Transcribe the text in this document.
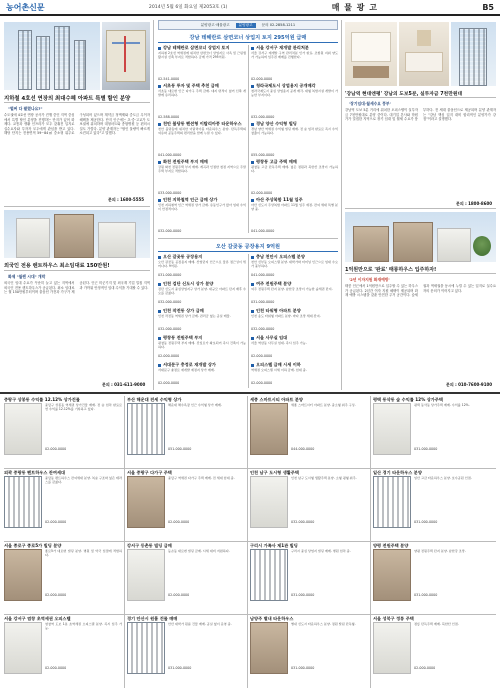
농어촌신문	2014년 5월 6일 화요일 제2053호 (1)	매 물 광 고	B5
지하철 4호선 연장의 최대수혜 아파트 특별 할인 분양
"벌써 다 팔렸나요?"
수도권에 4호선 연장 공사가 진행 중인 지역 중심에서 특별 할인 분양을 진행하는 단지가 있어 화제다. 교통과 생활 인프라가 모두 갖춰진 입지로 실수요자와 투자자 모두에게 관심을 받고 있다. 해당 단지는 전용면적 59~84㎡ 중소형 위주로 구성되어 있으며 계약금 정액제와 중도금 무이자 혜택을 제공한다. 단지 인근에는 초·중·고교가 도보권에 위치하며 대형마트와 종합병원 등 편의시설도 가깝다. 분양 관계자는 "할인 물량이 빠르게 소진되고 있다"고 말했다.
문의 : 1600-5555
외국인 전용 렌트하우스 최소임대료 150만원!
화제 "월렌 시대" 개막
외국인 임대 수요가 꾸준히 늘고 있는 지역에서 외국인 전용 렌트하우스가 공급된다. 최소 임대료는 월 150만원부터이며 풀옵션 가전과 가구가 제공된다. 인근 미군기지 및 외국계 기업 밀집 지역과 가까워 안정적인 임대 수익을 기대할 수 있다.
문의 : 031-611-9000
분양광고·매물광고	분양광고	문의 02-2858-1211
강남 테헤란로 삼면코너 상업지 토지 295억원 급매
강남 테헤란로 삼면코너 상업지 토지
지하철 2호선 역세권에 위치한 삼면코너 상업지로 사옥 및 근린생활시설 신축 부지로 적합하다. 급매 가격 295억원.
02-541-0000
서초동 투자 및 주택 추천 급매
서초동 대로변 인근 다가구 주택 급매. 대지 면적이 넓어 신축 개발에 유리하다.
02-588-0000
천안 불당동 펜션형 이탈리아풍 타운하우스
천안 불당동에 위치한 이탈리아풍 타운하우스 분양. 단독주택의 여유와 공동주택의 편리함을 함께 누릴 수 있다.
041-000-0000
화천 전원주택 부지 매매
강원 화천 전원주택 부지 매매. 계곡과 인접한 청정 지역으로 주말주택 부지로 적합하다.
033-000-0000
인천 지하철역 인근 급매 상가
인천 지하철역 인근 역세권 상가 급매. 유동인구가 많아 임대 수익이 안정적이다.
032-000-0000
서울 강서구 재개발 관리처분
서울 강서구 재개발 구역 관리처분 인가 완료. 조합원 지위 양도가 가능하며 입주권 매매를 진행한다.
02-000-0000
청라국제도시 상업용지 공개매각
청라국제도시 중심 상업용지 공개 매각. 대형 복합시설 개발이 가능한 부지이다.
032-000-0000
경남 양산 수익형 빌딩
경남 양산 역세권 수익형 빌딩 매매. 전 층 임차 완료로 즉시 수익 창출이 가능하다.
055-000-0000
평창동 고급 주택 매매
평창동 고급 단독주택 매매. 넓은 정원과 북한산 조망이 가능하다.
02-000-0000
아산 주상복합 11월 입주
아산 신도시 주상복합 아파트 11월 입주 예정. 잔여 세대 특별 분양 중.
041-000-0000
오산 갈곶동 공장용지 9억원
오산 갈곶동 공장용지
오산 갈곶동 공장용지 매매. 산업단지 인근으로 물류 접근성이 뛰어나다. 9억원.
031-000-0000
인천 검단 신도시 상가 분양
검단 신도시 중심상업지구 상가 분양. 대규모 아파트 단지 배후 수요를 갖췄다.
032-000-0000
인천 작전동 상가 급매
인천 작전동 역세권 상가 급매. 권리금 없는 공실 매물.
032-000-0000
평창동 전원주택 부지
평창동 전원주택 부지 매매. 진입로가 확보되어 즉시 건축이 가능하다.
02-000-0000
서대문구 충정로 재개발 상가
서대문구 충정로 재개발 예정지 상가 매매.
02-000-0000
충남 천안시 오피스텔 분양
천안 신부동 오피스텔 분양. 대학가와 터미널 인근으로 임대 수요가 풍부하다.
041-000-0000
여주 전원주택 분양
여주 전원주택 단지 분양. 남한강 조망이 가능한 숲세권 단지.
031-000-0000
인천 타워형 아파트 분양
인천 송도 타워형 아파트 분양. 바다 조망 세대 잔여.
032-000-0000
서울 사무실 임대
서울 역삼동 사무실 임대. 즉시 입주 가능.
02-000-0000
오피스텔 급매 시세 이하
역세권 오피스텔 시세 이하 급매. 임대 중.
02-000-0000
'강남역 현대엔평' 강남의 도보5분, 실투자금 7천만원대
'장기임대·월세수요 풍부'
강남역 도보 5분 거리에 위치한 오피스텔이 실투자금 7천만원대로 분양 중이다. 대기업 본사와 학원가가 밀집한 지역으로 장기 임대 및 월세 수요가 풍부하다. 전 세대 풀옵션으로 제공되며 분양 관계자는 "강남 핵심 입지 대비 합리적인 분양가가 강점"이라고 설명했다.
문의 : 1800-8600
1억원만으로 '완료' 태릉하우스 입주하자!
'2년 이자지원 화재예방'
태릉 인근에서 1억원만으로 입주할 수 있는 하우스가 공급된다. 2년간 이자 지원 혜택이 제공되며 화재 예방 시스템을 갖춘 안전한 주거 공간이다. 숲세권과 역세권을 동시에 누릴 수 있는 입지로 실수요자의 문의가 이어지고 있다.
문의 : 010-7600-9100
중랑구 상봉동 수익률 12.12% 상가건물
중랑구 상봉동 역세권 상가건물 매매. 전 층 임차 완료로 연 수익률 12.12%를 기록하고 있다.
02-000-0000
외곽 중랑동 펜트하우스 잔여세대
중랑동 펜트하우스 잔여세대 분양. 복층 구조와 넓은 테라스를 갖췄다.
02-000-0000
서울 종로구 종로5가 빌딩 분양
종로5가 대로변 빌딩 분양. 병원 및 약국 입점에 적합하다.
02-000-0000
서울 강서구 염창 초역세권 오피스텔
염창역 도보 1분 초역세권 오피스텔 분양. 즉시 입주 가능.
02-000-0000
부산 해운대 전세 수익형 상가
해운대 해수욕장 인근 수익형 상가 매매.
051-000-0000
서울 중랑구 다가구 주택
중랑구 역세권 다가구 주택 매매. 전 세대 임대 중.
02-000-0000
강서구 등촌동 빌딩 급매
등촌동 대로변 빌딩 급매. 시세 대비 저렴하다.
02-000-0000
경기 안산시 원룸 건물 매매
안산 대학가 원룸 건물 매매. 공실 없이 운영 중.
031-000-0000
세종 스마트시티 아파트 분양
세종 스마트시티 아파트 분양. 중소형 위주 구성.
044-000-0000
인천 남구 도시형 생활주택
인천 남구 도시형 생활주택 분양. 소형 평형 위주.
032-000-0000
구리시 가족사 제1관 빌딩
구리시 중심 상업지 빌딩 매매. 병원 임차 중.
031-000-0000
남양주 별내 타운하우스
별내 신도시 타운하우스 분양. 정원 딸린 단독형.
031-000-0000
평택 동삭동 숲 수익률 12% 상가주택
평택 동삭동 상가주택 매매. 수익률 12%.
031-000-0000
일산 경기 타운하우스 분양
일산 고급 타운하우스 분양. 호수공원 인접.
031-000-0000
양평 전원주택 분양
양평 전원주택 단지 분양. 남한강 조망.
031-000-0000
서울 성북구 정릉 주택
정릉 단독주택 매매. 북한산 인접.
02-000-0000
